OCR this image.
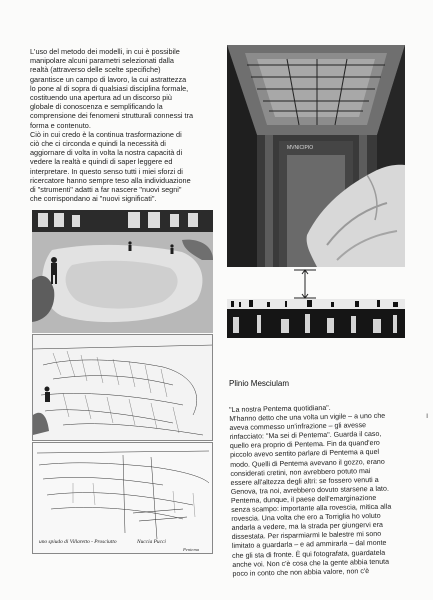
L'uso del metodo dei modelli, in cui è possibile
manipolare alcuni parametri selezionati dalla
realtà (attraverso delle scelte specifiche)
garantisce un campo di lavoro, la cui astrattezza
lo pone al di sopra di qualsiasi disciplina formale,
costituendo una apertura ad un discorso più
globale di conoscenza e semplificando la
comprensione dei fenomeni strutturali connessi tra
forma e contenuto.
Ciò in cui credo è la continua trasformazione di
ciò che ci circonda e quindi la necessità di
aggiornare di volta in volta la nostra capacità di
vedere la realtà e quindi di saper leggere ed
interpretare. In questo senso tutti i miei sforzi di
ricercatore hanno sempre teso alla individuazione
di "strumenti" adatti a far nascere "nuovi segni"
che corrispondano ai "nuovi significati".
MVNICIPIO
uno spiudo di Villaretto - Prosciutto	Nuccia Pucci
Pentema
Plinio Mesciulam
"La nostra Pentema quotidiana".
M'hanno detto che una volta un vigile – a uno che
aveva commesso un'infrazione – gli avesse
rinfacciato: "Ma sei di Pentema". Guarda il caso,
quello era proprio di Pentema. Fin da quand'ero
piccolo avevo sentito parlare di Pentema a quel
modo. Quelli di Pentema avevano il gozzo, erano
considerati cretini, non avrebbero potuto mai
essere all'altezza degli altri: se fossero venuti a
Genova, tra noi, avrebbero dovuto starsene a lato.
Pentema, dunque, il paese dell'emarginazione
senza scampo: importante alla rovescia, mitica alla
rovescia. Una volta che ero a Torriglia ho voluto
andarla a vedere, ma la strada per giungervi era
dissestata. Per risparmiarmi le balestre mi sono
limitato a guardarla – e ad ammirarla – dal monte
che gli sta di fronte. Ė qui fotografata, guardatela
anche voi. Non c'è cosa che la gente abbia tenuta
poco in conto che non abbia valore, non c'è
ı
